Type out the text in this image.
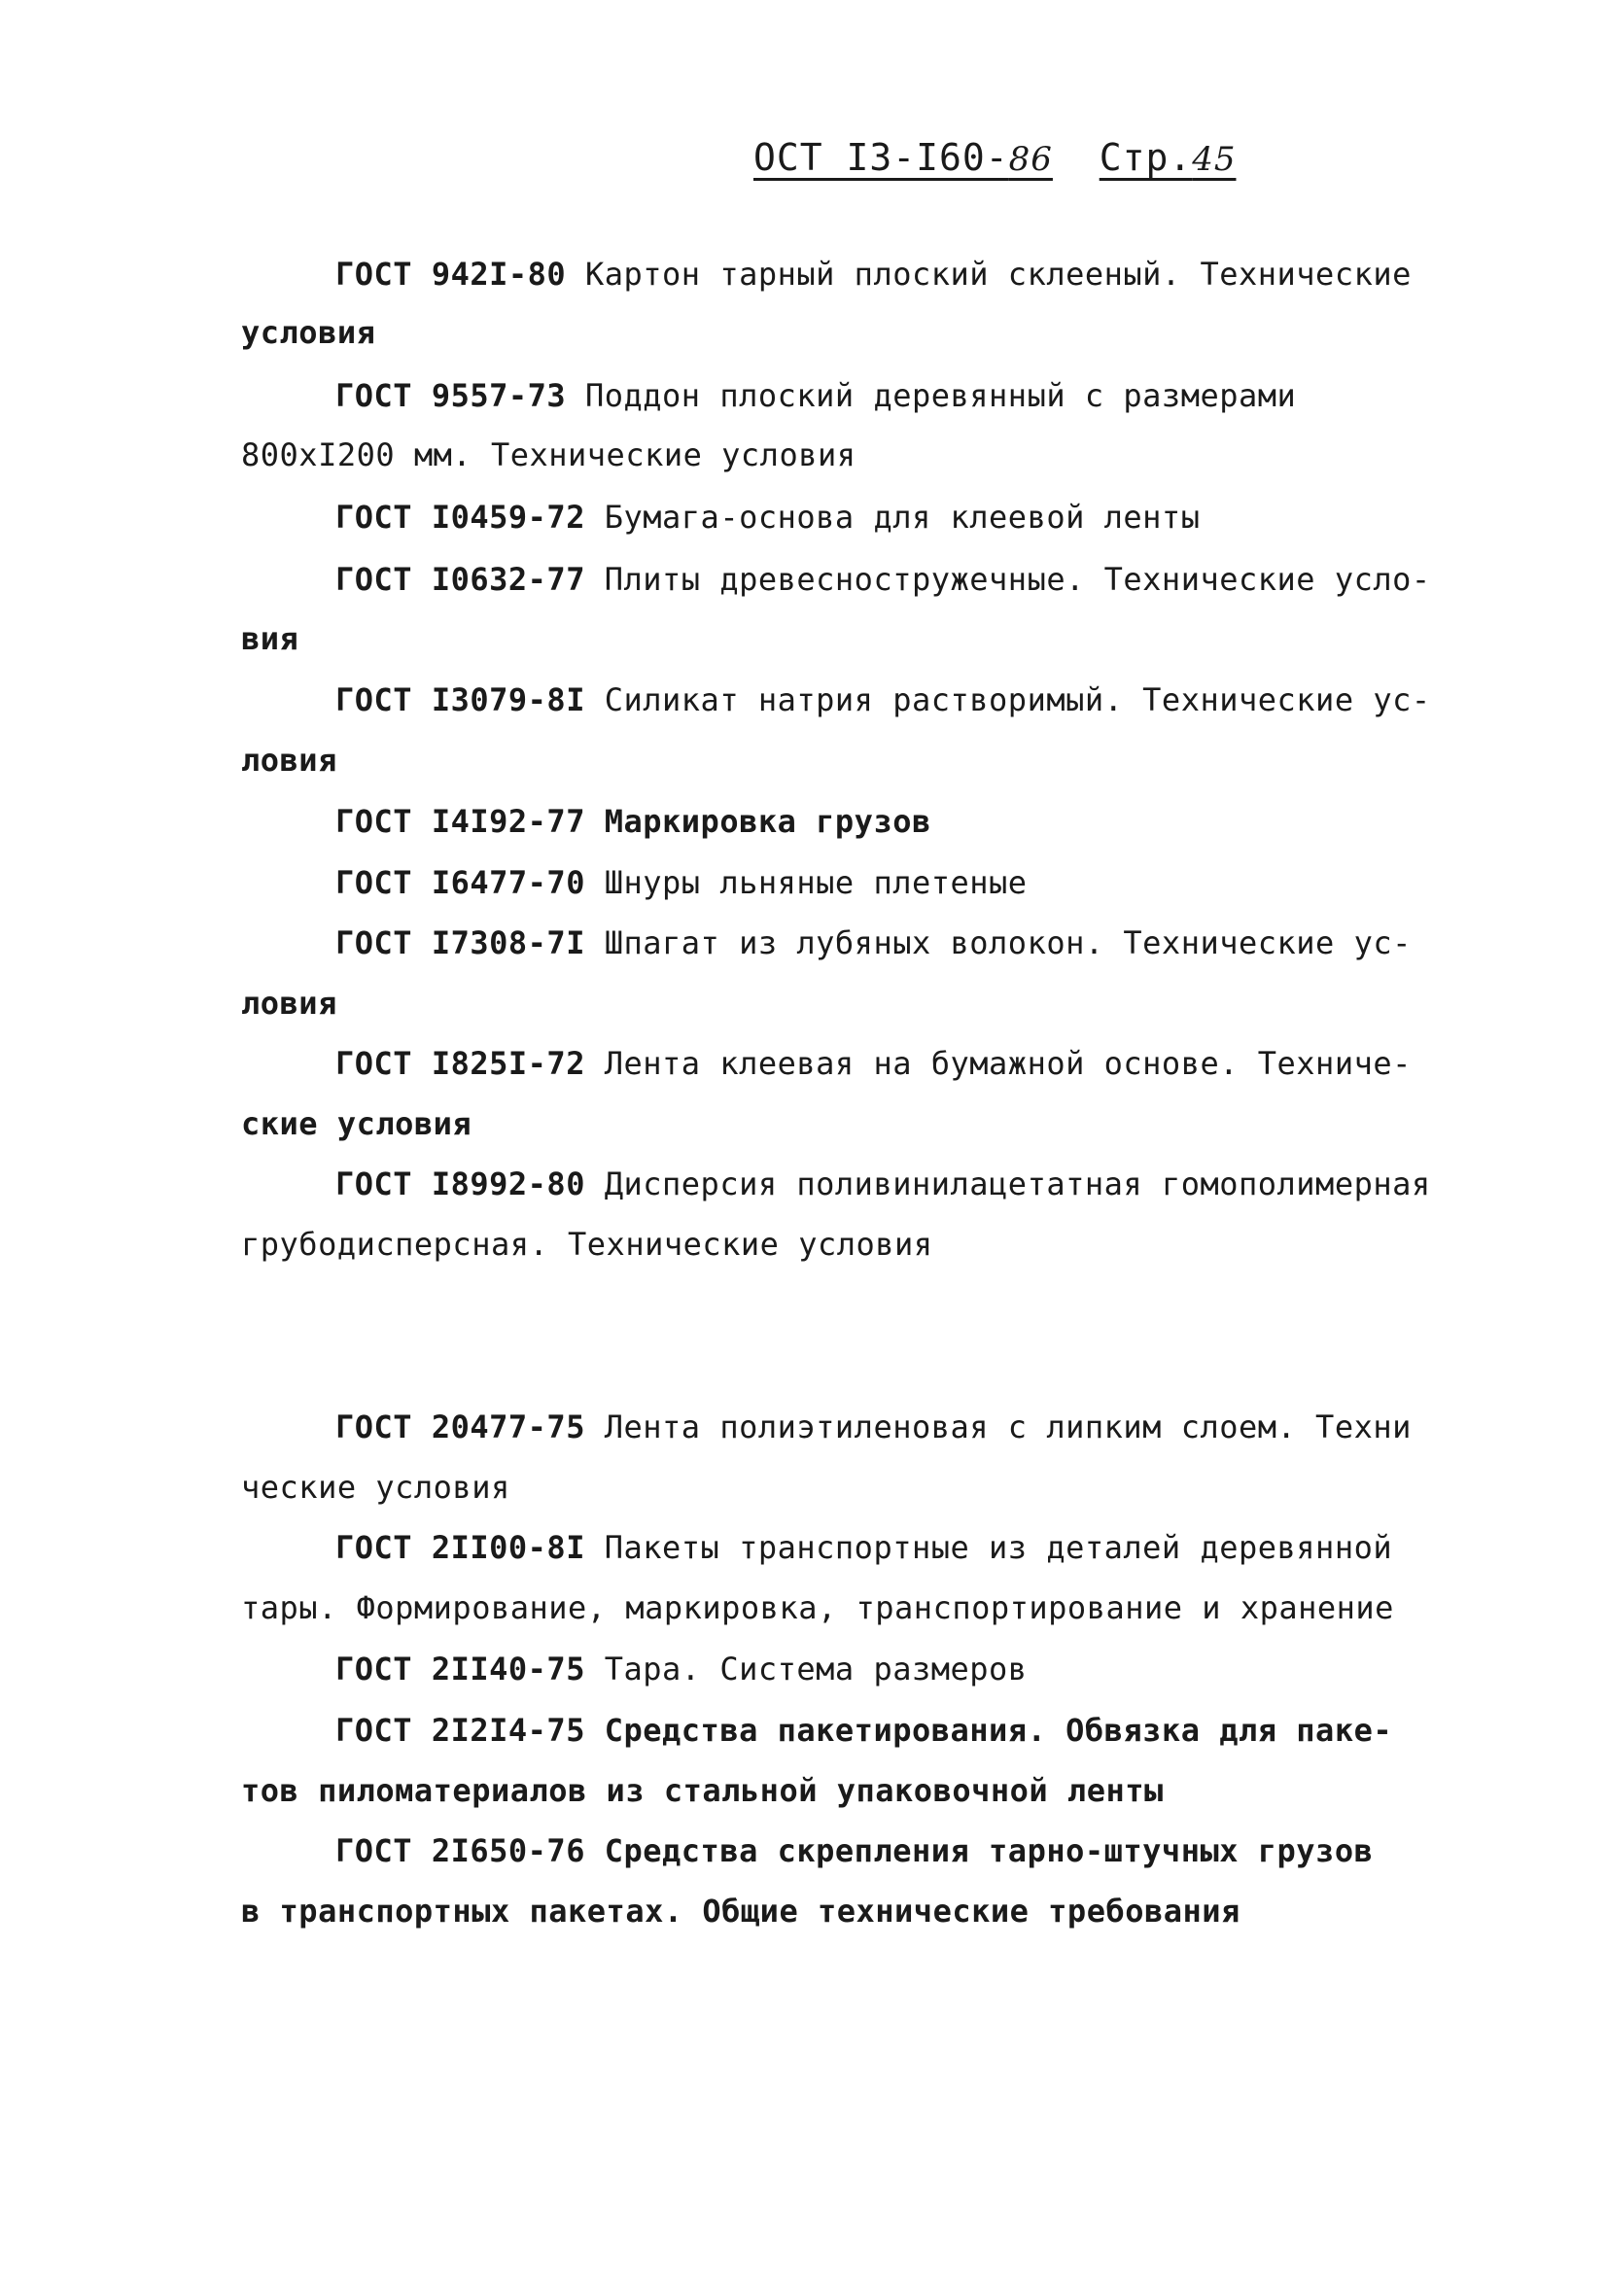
ОСТ I3-I60-86 Стр.45
ГОСТ 942I-80 Картон тарный плоский склееный. Технические
условия
ГОСТ 9557-73 Поддон плоский деревянный с размерами
800хI200 мм. Технические условия
ГОСТ I0459-72 Бумага-основа для клеевой ленты
ГОСТ I0632-77 Плиты древесностружечные. Технические усло-
вия
ГОСТ I3079-8I Силикат натрия растворимый. Технические ус-
ловия
ГОСТ I4I92-77 Маркировка грузов
ГОСТ I6477-70 Шнуры льняные плетеные
ГОСТ I7308-7I Шпагат из лубяных волокон. Технические ус-
ловия
ГОСТ I825I-72 Лента клеевая на бумажной основе. Техниче-
ские условия
ГОСТ I8992-80 Дисперсия поливинилацетатная гомополимерная
грубодисперсная. Технические условия
ГОСТ 20477-75 Лента полиэтиленовая с липким слоем. Техни
ческие условия
ГОСТ 2II00-8I Пакеты транспортные из деталей деревянной
тары. Формирование, маркировка, транспортирование и хранение
ГОСТ 2II40-75 Тара. Система размеров
ГОСТ 2I2I4-75 Средства пакетирования. Обвязка для паке-
тов пиломатериалов из стальной упаковочной ленты
ГОСТ 2I650-76 Средства скрепления тарно-штучных грузов
в транспортных пакетах. Общие технические требования
